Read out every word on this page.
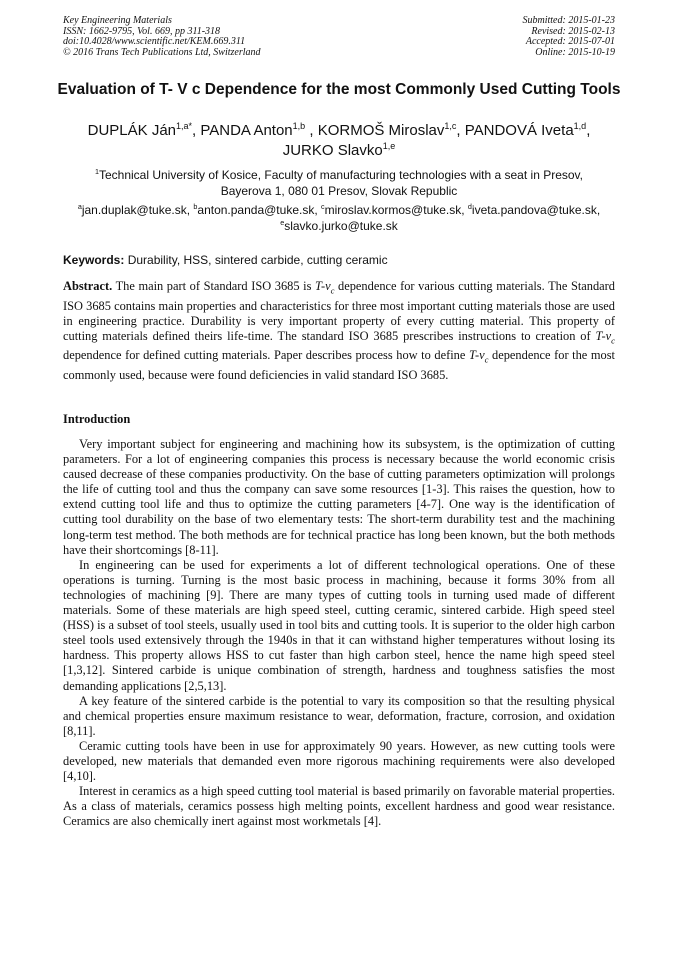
Key Engineering Materials
ISSN: 1662-9795, Vol. 669, pp 311-318
doi:10.4028/www.scientific.net/KEM.669.311
© 2016 Trans Tech Publications Ltd, Switzerland
Submitted: 2015-01-23
Revised: 2015-02-13
Accepted: 2015-07-01
Online: 2015-10-19
Evaluation of T- V c Dependence for the most Commonly Used Cutting Tools
DUPLÁK Ján$^{1,a*}$, PANDA Anton$^{1,b}$ , KORMOŠ Miroslav$^{1,c}$, PANDOVÁ Iveta$^{1,d}$,
JURKO Slavko$^{1,e}$
$^1$Technical University of Kosice, Faculty of manufacturing technologies with a seat in Presov,
Bayerova 1, 080 01 Presov, Slovak Republic
$^a$jan.duplak@tuke.sk, $^b$anton.panda@tuke.sk, $^c$miroslav.kormos@tuke.sk, $^d$iveta.pandova@tuke.sk,
$^e$slavko.jurko@tuke.sk
Keywords: Durability, HSS, sintered carbide, cutting ceramic

Abstract. The main part of Standard ISO 3685 is $T-v_c$ dependence for various cutting materials. The Standard ISO 3685 contains main properties and characteristics for three most important cutting materials those are used in engineering practice. Durability is very important property of every cutting material. This property of cutting materials defined theirs life-time. The standard ISO 3685 prescribes instructions to creation of $T-v_c$ dependence for defined cutting materials. Paper describes process how to define $T-v_c$ dependence for the most commonly used, because were found deficiencies in valid standard ISO 3685.

Introduction

Very important subject for engineering and machining how its subsystem, is the optimization of cutting parameters. For a lot of engineering companies this process is necessary because the world economic crisis caused decrease of these companies productivity. On the base of cutting parameters optimization will prolongs the life of cutting tool and thus the company can save some resources [1-3]. This raises the question, how to extend cutting tool life and thus to optimize the cutting parameters [4-7]. One way is the identification of cutting tool durability on the base of two elementary tests: The short-term durability test and the machining long-term test method. The both methods are for technical practice has long been known, but the both methods have their shortcomings [8-11].

In engineering can be used for experiments a lot of different technological operations. One of these operations is turning. Turning is the most basic process in machining, because it forms 30% from all technologies of machining [9]. There are many types of cutting tools in turning used made of different materials. Some of these materials are high speed steel, cutting ceramic, sintered carbide. High speed steel (HSS) is a subset of tool steels, usually used in tool bits and cutting tools. It is superior to the older high carbon steel tools used extensively through the 1940s in that it can withstand higher temperatures without losing its hardness. This property allows HSS to cut faster than high carbon steel, hence the name high speed steel [1,3,12]. Sintered carbide is unique combination of strength, hardness and toughness satisfies the most demanding applications [2,5,13].

A key feature of the sintered carbide is the potential to vary its composition so that the resulting physical and chemical properties ensure maximum resistance to wear, deformation, fracture, corrosion, and oxidation [8,11].

Ceramic cutting tools have been in use for approximately 90 years. However, as new cutting tools were developed, new materials that demanded even more rigorous machining requirements were also developed [4,10].

Interest in ceramics as a high speed cutting tool material is based primarily on favorable material properties. As a class of materials, ceramics possess high melting points, excellent hardness and good wear resistance. Ceramics are also chemically inert against most workmetals [4].
